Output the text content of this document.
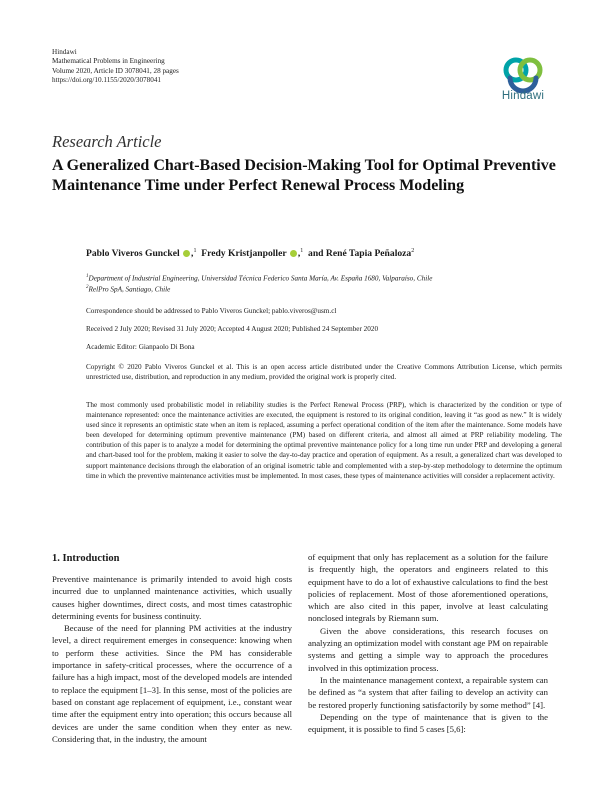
Hindawi
Mathematical Problems in Engineering
Volume 2020, Article ID 3078041, 28 pages
https://doi.org/10.1155/2020/3078041
Hindawi
Research Article
A Generalized Chart-Based Decision-Making Tool for Optimal Preventive Maintenance Time under Perfect Renewal Process Modeling
Pablo Viveros Gunckel ,$^1$ Fredy Kristjanpoller ,$^1$ and René Tapia Peñaloza$^2$
$^1$Department of Industrial Engineering, Universidad Técnica Federico Santa María, Av. España 1680, Valparaíso, Chile
$^2$RelPro SpA, Santiago, Chile
Correspondence should be addressed to Pablo Viveros Gunckel; pablo.viveros@usm.cl
Received 2 July 2020; Revised 31 July 2020; Accepted 4 August 2020; Published 24 September 2020
Academic Editor: Gianpaolo Di Bona
Copyright © 2020 Pablo Viveros Gunckel et al. This is an open access article distributed under the Creative Commons Attribution License, which permits unrestricted use, distribution, and reproduction in any medium, provided the original work is properly cited.
The most commonly used probabilistic model in reliability studies is the Perfect Renewal Process (PRP), which is characterized by the condition or type of maintenance represented: once the maintenance activities are executed, the equipment is restored to its original condition, leaving it “as good as new.” It is widely used since it represents an optimistic state when an item is replaced, assuming a perfect operational condition of the item after the maintenance. Some models have been developed for determining optimum preventive maintenance (PM) based on different criteria, and almost all aimed at PRP reliability modeling. The contribution of this paper is to analyze a model for determining the optimal preventive maintenance policy for a long time run under PRP and developing a general and chart-based tool for the problem, making it easier to solve the day-to-day practice and operation of equipment. As a result, a generalized chart was developed to support maintenance decisions through the elaboration of an original isometric table and complemented with a step-by-step methodology to determine the optimum time in which the preventive maintenance activities must be implemented. In most cases, these types of maintenance activities will consider a replacement activity.
1. Introduction

Preventive maintenance is primarily intended to avoid high costs incurred due to unplanned maintenance activities, which usually causes higher downtimes, direct costs, and most times catastrophic determining events for business continuity.

Because of the need for planning PM activities at the industry level, a direct requirement emerges in consequence: knowing when to perform these activities. Since the PM has considerable importance in safety-critical processes, where the occurrence of a failure has a high impact, most of the developed models are intended to replace the equipment [1–3]. In this sense, most of the policies are based on constant age replacement of equipment, i.e., constant wear time after the equipment entry into operation; this occurs because all devices are under the same condition when they enter as new. Considering that, in the industry, the amount

of equipment that only has replacement as a solution for the failure is frequently high, the operators and engineers related to this equipment have to do a lot of exhaustive calculations to find the best policies of replacement. Most of those aforementioned operations, which are also cited in this paper, involve at least calculating nonclosed integrals by Riemann sum.

Given the above considerations, this research focuses on analyzing an optimization model with constant age PM on repairable systems and getting a simple way to approach the procedures involved in this optimization process.

In the maintenance management context, a repairable system can be defined as “a system that after failing to develop an activity can be restored properly functioning satisfactorily by some method” [4].

Depending on the type of maintenance that is given to the equipment, it is possible to find 5 cases [5,6]:
